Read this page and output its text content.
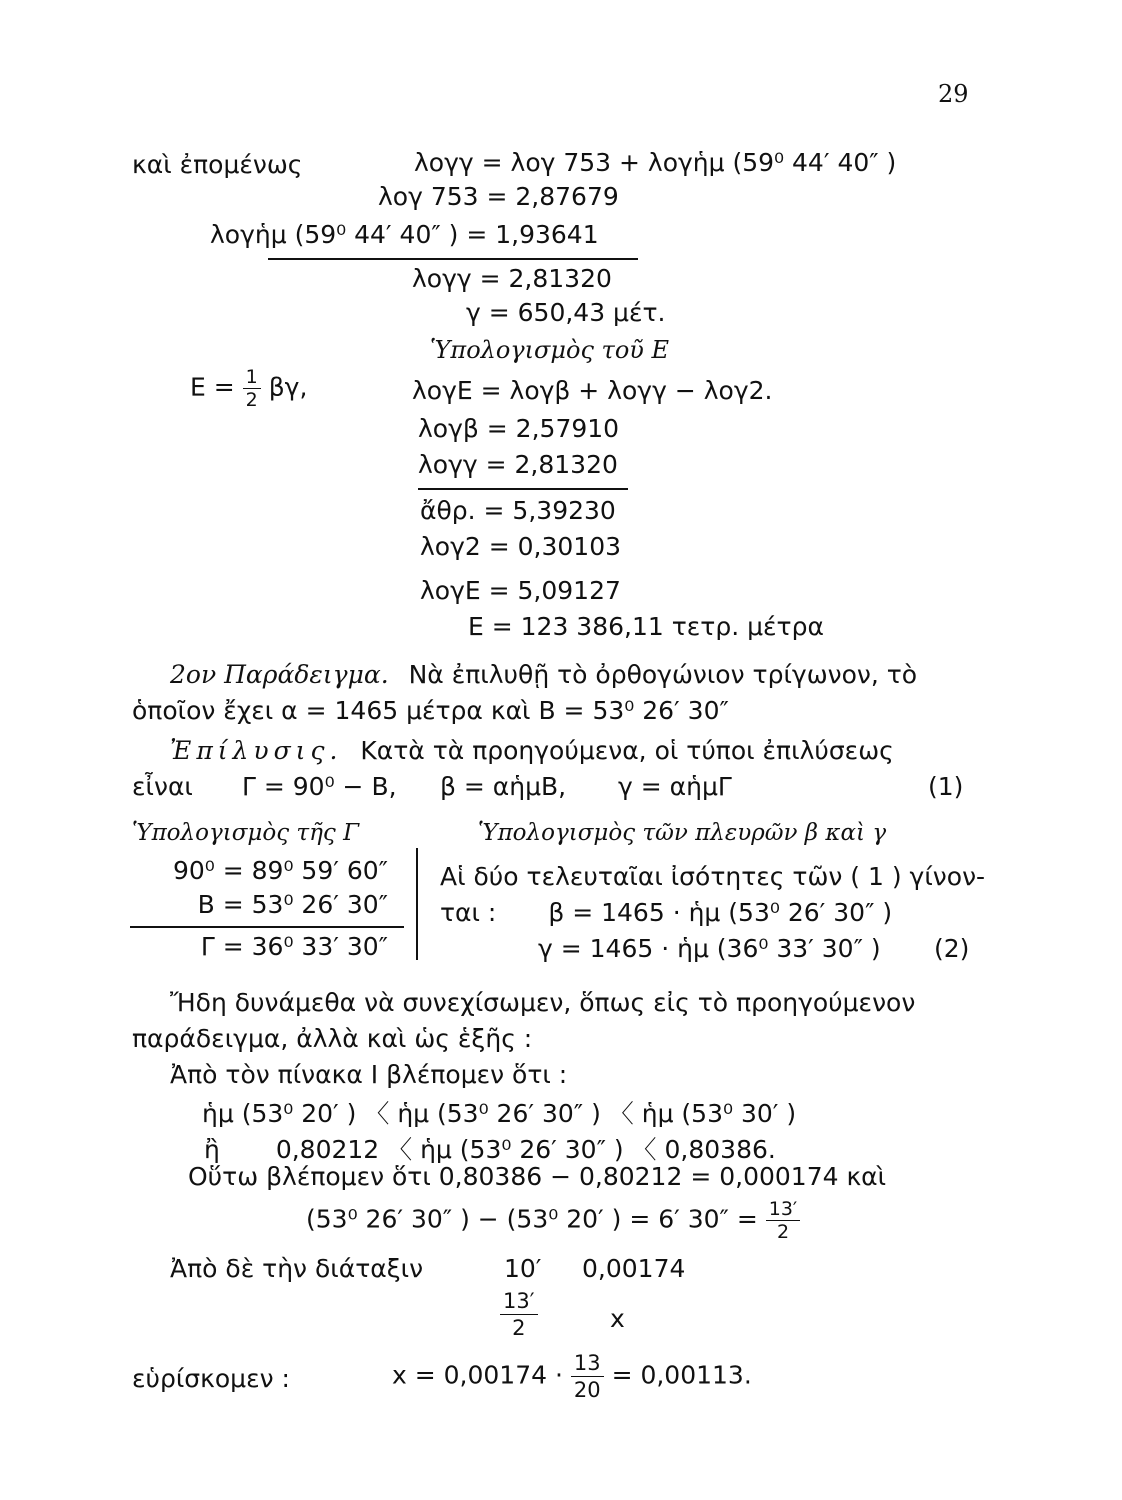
29
καὶ ἐπομένως	λογγ = λογ 753 + λογἡμ (59⁰ 44′ 40″ )
λογ 753 = 2,87679
λογἡμ (59⁰ 44′ 40″ ) = 1,93641
λογγ = 2,81320
γ = 650,43 μέτ.
Ὑπολογισμὸς τοῦ Ε
$E = \frac{1}{2} \beta\gamma$,	λογΕ = λογβ + λογγ − λογ2.
λογβ = 2,57910
λογγ = 2,81320
ἄθρ. = 5,39230
λογ2 = 0,30103
λογΕ = 5,09127
Ε = 123 386,11 τετρ. μέτρα
2ον Παράδειγμα. Νὰ ἐπιλυθῇ τὸ ὀρθογώνιον τρίγωνον, τὸ
ὁποῖον ἔχει α = 1465 μέτρα καὶ Β = 53⁰ 26′ 30″
Ἐπίλυσις. Κατὰ τὰ προηγούμενα, οἱ τύποι ἐπιλύσεως
εἶναι Γ = 90⁰ − Β, β = αἡμΒ, γ = αἡμΓ	(1)
Ὑπολογισμὸς τῆς Γ
90⁰ = 89⁰ 59′ 60″
Β = 53⁰ 26′ 30″
Γ = 36⁰ 33′ 30″
Ὑπολογισμὸς τῶν πλευρῶν β καὶ γ
Αἱ δύο τελευταῖαι ἰσότητες τῶν ( 1 ) γίνον-
ται : β = 1465 · ἡμ (53⁰ 26′ 30″ )
γ = 1465 · ἡμ (36⁰ 33′ 30″ ) (2)
Ἤδη δυνάμεθα νὰ συνεχίσωμεν, ὅπως εἰς τὸ προηγούμενον
παράδειγμα, ἀλλὰ καὶ ὡς ἑξῆς :
Ἀπὸ τὸν πίνακα Ι βλέπομεν ὅτι :
ἡμ (53⁰ 20′ ) 〈 ἡμ (53⁰ 26′ 30″ ) 〈 ἡμ (53⁰ 30′ )
ἢ 0,80212 〈 ἡμ (53⁰ 26′ 30″ ) 〈 0,80386.
Οὕτω βλέπομεν ὅτι 0,80386 − 0,80212 = 0,000174 καὶ
(53⁰ 26′ 30″ ) − (53⁰ 20′ ) = 6′ $30'' = \frac{13'}{2}$
Ἀπὸ δὲ τὴν διάταξιν	10′ 0,00174
$\frac{13'}{2}$	x
εὑρίσκομεν :	$x = 0,00174 \cdot \frac{13}{20} = 0,00113$.
